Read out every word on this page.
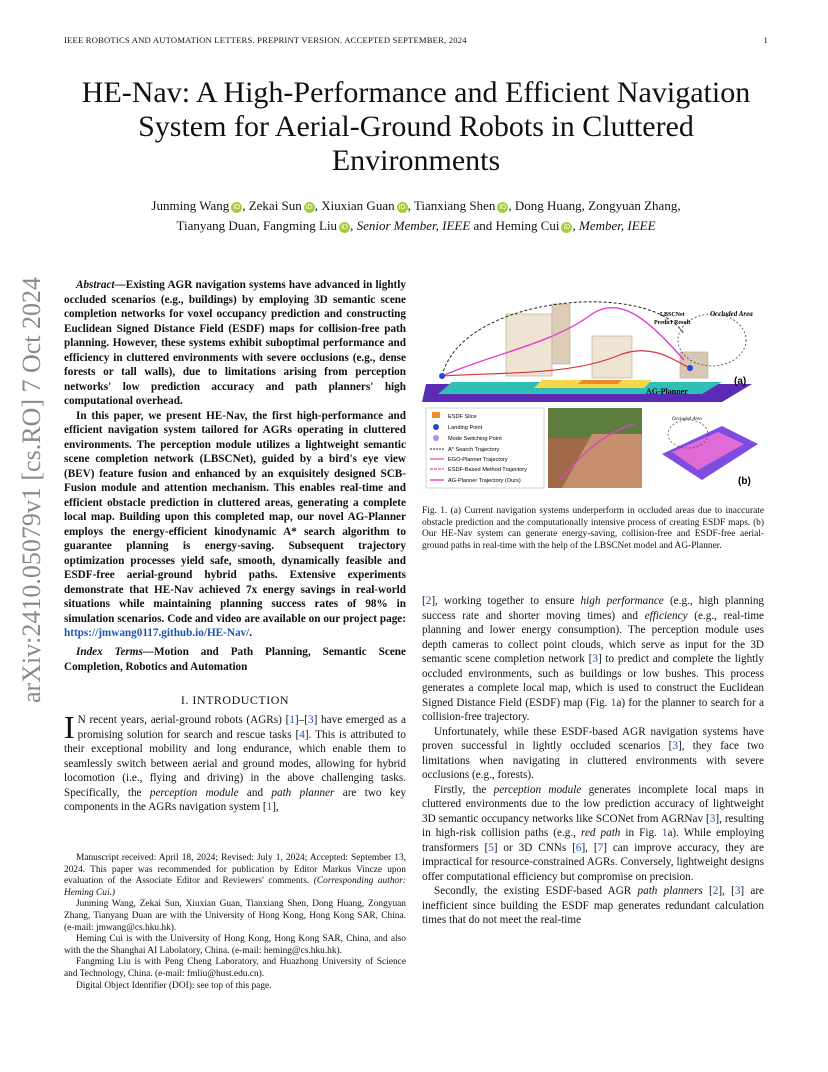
IEEE ROBOTICS AND AUTOMATION LETTERS. PREPRINT VERSION. ACCEPTED SEPTEMBER, 2024	1
arXiv:2410.05079v1 [cs.RO] 7 Oct 2024
HE-Nav: A High-Performance and Efficient Navigation System for Aerial-Ground Robots in Cluttered Environments
Junming Wang iD , Zekai Sun iD , Xiuxian Guan iD , Tianxiang Shen iD , Dong Huang, Zongyuan Zhang,
Tianyang Duan, Fangming Liu iD , Senior Member, IEEE and Heming Cui iD , Member, IEEE

Abstract—Existing AGR navigation systems have advanced in lightly occluded scenarios (e.g., buildings) by employing 3D semantic scene completion networks for voxel occupancy prediction and constructing Euclidean Signed Distance Field (ESDF) maps for collision-free path planning. However, these systems exhibit suboptimal performance and efficiency in cluttered environments with severe occlusions (e.g., dense forests or tall walls), due to limitations arising from perception networks' low prediction accuracy and path planners' high computational overhead.

In this paper, we present HE-Nav, the first high-performance and efficient navigation system tailored for AGRs operating in cluttered environments. The perception module utilizes a lightweight semantic scene completion network (LBSCNet), guided by a bird's eye view (BEV) feature fusion and enhanced by an exquisitely designed SCB-Fusion module and attention mechanism. This enables real-time and efficient obstacle prediction in cluttered areas, generating a complete local map. Building upon this completed map, our novel AG-Planner employs the energy-efficient kinodynamic A* search algorithm to guarantee planning is energy-saving. Subsequent trajectory optimization processes yield safe, smooth, dynamically feasible and ESDF-free aerial-ground hybrid paths. Extensive experiments demonstrate that HE-Nav achieved 7x energy savings in real-world situations while maintaining planning success rates of 98% in simulation scenarios. Code and video are available on our project page: https://jmwang0117.github.io/HE-Nav/.

Index Terms—Motion and Path Planning, Semantic Scene Completion, Robotics and Automation

I. INTRODUCTION

I N recent years, aerial-ground robots (AGRs) [1]–[3] have emerged as a promising solution for search and rescue tasks [4]. This is attributed to their exceptional mobility and long endurance, which enable them to seamlessly switch between aerial and ground modes, allowing for hybrid locomotion (i.e., flying and driving) in the above challenging tasks. Specifically, the perception module and path planner are two key components in the AGRs navigation system [1],

Manuscript received: April 18, 2024; Revised: July 1, 2024; Accepted: September 13, 2024. This paper was recommended for publication by Editor Markus Vincze upon evaluation of the Associate Editor and Reviewers' comments. (Corresponding author: Heming Cui.)

Junming Wang, Zekai Sun, Xiuxian Guan, Tianxiang Shen, Dong Huang, Zongyuan Zhang, Tianyang Duan are with the University of Hong Kong, Hong Kong SAR, China. (e-mail: jmwang@cs.hku.hk).

Heming Cui is with the University of Hong Kong, Hong Kong SAR, China, and also with the the Shanghai AI Labolatory, China. (e-mail: heming@cs.hku.hk).

Fangming Liu is with Peng Cheng Laboratory, and Huazhong University of Science and Technology, China. (e-mail: fmliu@hust.edu.cn).

Digital Object Identifier (DOI): see top of this page.

LBSCNet
Predict Result
Occluded Area
AG-Planner
(a)
ESDF Slice
Landing Point
Mode Switching Point
A* Search Trajectory
EGO-Planner Trajectory
ESDF-Based Method Trajectory
AG-Planner Trajectory (Ours)
Occluded Area
(b)
Fig. 1. (a) Current navigation systems underperform in occluded areas due to inaccurate obstacle prediction and the computationally intensive process of creating ESDF maps. (b) Our HE-Nav system can generate energy-saving, collision-free and ESDF-free aerial-ground paths in real-time with the help of the LBSCNet model and AG-Planner.

[2], working together to ensure high performance (e.g., high planning success rate and shorter moving times) and efficiency (e.g., real-time planning and lower energy consumption). The perception module uses depth cameras to collect point clouds, which serve as input for the 3D semantic scene completion network [3] to predict and complete the lightly occluded environments, such as buildings or low bushes. This process generates a complete local map, which is used to construct the Euclidean Signed Distance Field (ESDF) map (Fig. 1a) for the planner to search for a collision-free trajectory.

Unfortunately, while these ESDF-based AGR navigation systems have proven successful in lightly occluded scenarios [3], they face two limitations when navigating in cluttered environments with severe occlusions (e.g., forests).

Firstly, the perception module generates incomplete local maps in cluttered environments due to the low prediction accuracy of lightweight 3D semantic occupancy networks like SCONet from AGRNav [3], resulting in high-risk collision paths (e.g., red path in Fig. 1a). While employing transformers [5] or 3D CNNs [6], [7] can improve accuracy, they are impractical for resource-constrained AGRs. Conversely, lightweight designs offer computational efficiency but compromise on precision.

Secondly, the existing ESDF-based AGR path planners [2], [3] are inefficient since building the ESDF map generates redundant calculation times that do not meet the real-time
